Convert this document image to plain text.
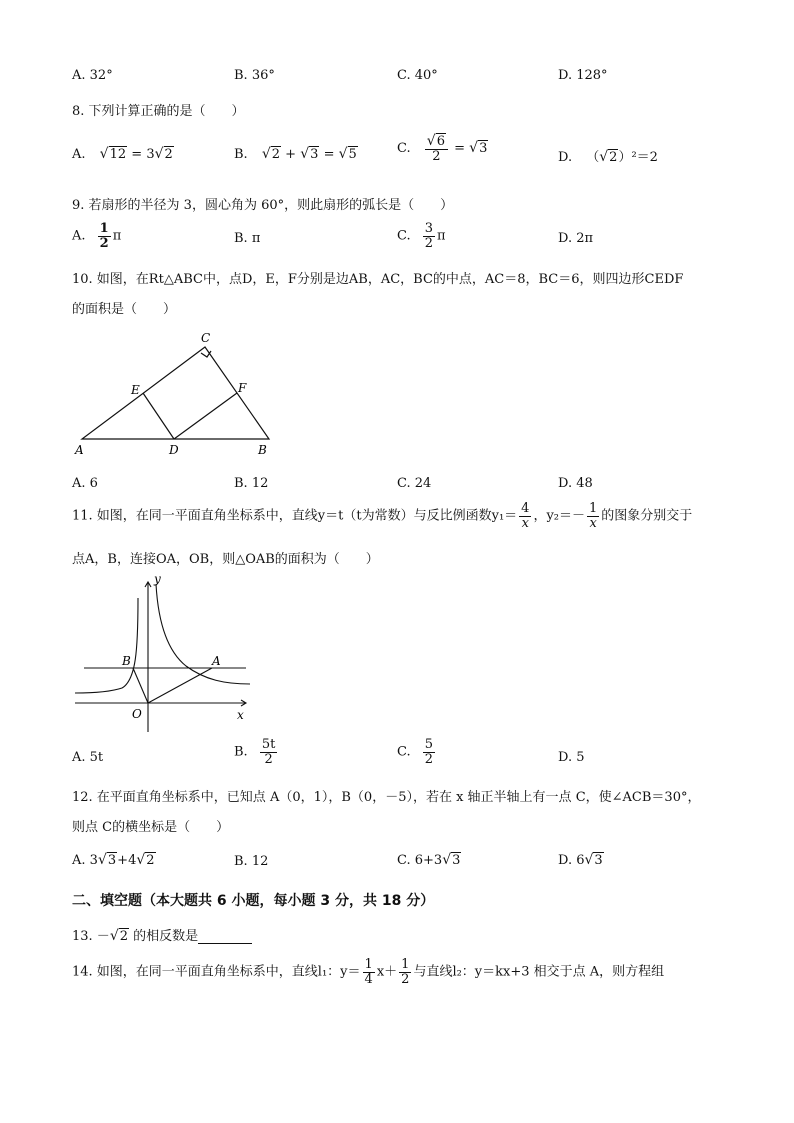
A. 32°	B. 36°	C. 40°	D. 128°
8. 下列计算正确的是（　　）
A. √12 = 3√2	B. √2 + √3 = √5	C. $\frac{√6}{2} = √3$
D. （√2）²＝2
9. 若扇形的半径为 3，圆心角为 60°，则此扇形的弧长是（　　）
A. $\frac{1}{2}$ π	B. π	C. $\frac{3}{2}$ π	D. 2π
10. 如图，在Rt△ABC中，点D，E，F分别是边AB，AC，BC的中点，AC＝8，BC＝6，则四边形CEDF
的面积是（　　）
C
E	F
A	D	B
A. 6	B. 12	C. 24	D. 48
11. 如图，在同一平面直角坐标系中，直线y＝t（t为常数）与反比例函数$y_1= \frac{4}{x}$ ，$y_2=- \frac{1}{x}$ 的图象分别交于
点A，B，连接OA，OB，则△OAB的面积为（　　）
y
x
O
B	A
A. 5t	B. $\frac{5t}{2}$	C. $\frac{5}{2}$	D. 5
12. 在平面直角坐标系中，已知点 A（0，1），B（0，－5），若在 x 轴正半轴上有一点 C，使∠ACB＝30°，
则点 C的横坐标是（　　）
A. 3√3+4√2	B. 12	C. 6+3√3	D. 6√3
二、填空题（本大题共 6 小题，每小题 3 分，共 18 分）
13. －√2 的相反数是
14. 如图，在同一平面直角坐标系中，直线l₁：$y= \frac{1}{4} x+ \frac{1}{2}$ 与直线l₂：y＝kx+3 相交于点 A，则方程组
